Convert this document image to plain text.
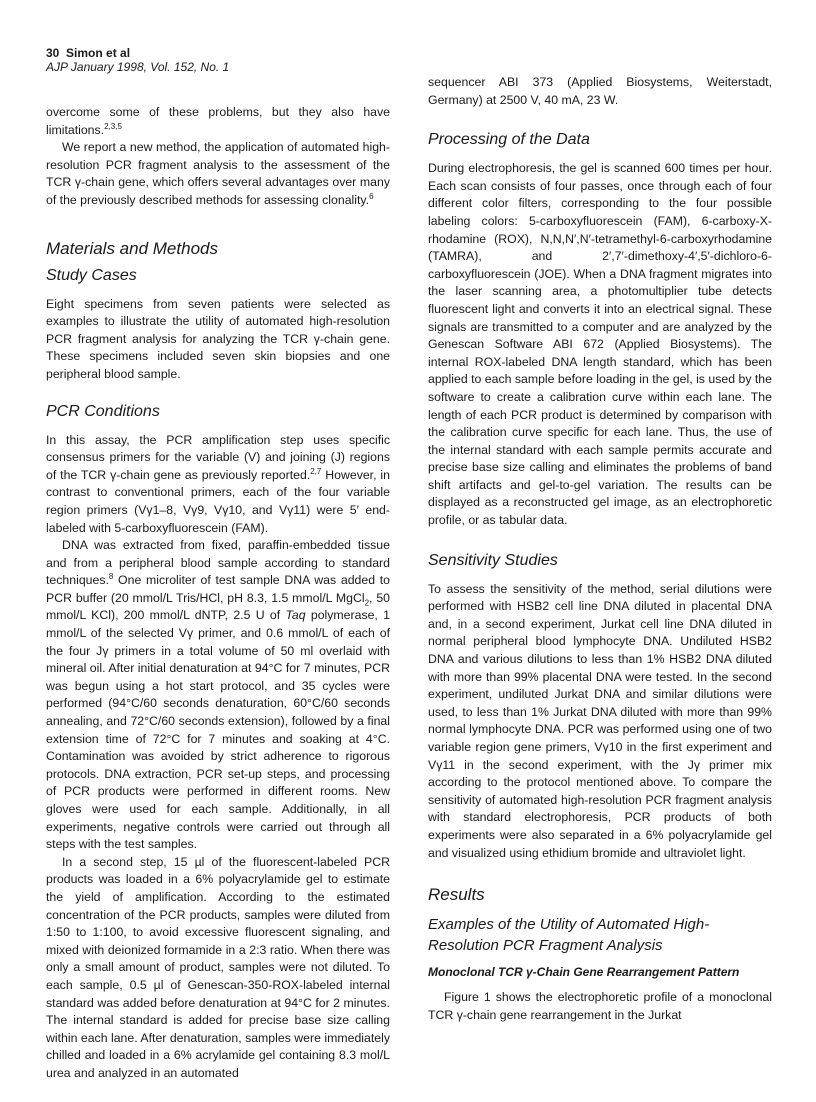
30 Simon et al
AJP January 1998, Vol. 152, No. 1

overcome some of these problems, but they also have limitations.$^{2,3,5}$

We report a new method, the application of automated high-resolution PCR fragment analysis to the assessment of the TCR γ-chain gene, which offers several advantages over many of the previously described methods for assessing clonality.$^6$

Materials and Methods
Study Cases

Eight specimens from seven patients were selected as examples to illustrate the utility of automated high-resolution PCR fragment analysis for analyzing the TCR γ-chain gene. These specimens included seven skin biopsies and one peripheral blood sample.

PCR Conditions

In this assay, the PCR amplification step uses specific consensus primers for the variable (V) and joining (J) regions of the TCR γ-chain gene as previously reported.$^{2,7}$ However, in contrast to conventional primers, each of the four variable region primers (Vγ1–8, Vγ9, Vγ10, and Vγ11) were 5′ end-labeled with 5-carboxyfluorescein (FAM).

DNA was extracted from fixed, paraffin-embedded tissue and from a peripheral blood sample according to standard techniques.$^8$ One microliter of test sample DNA was added to PCR buffer (20 mmol/L Tris/HCl, pH 8.3, 1.5 mmol/L MgCl$_2$, 50 mmol/L KCl), 200 mmol/L dNTP, 2.5 U of Taq polymerase, 1 mmol/L of the selected Vγ primer, and 0.6 mmol/L of each of the four Jγ primers in a total volume of 50 ml overlaid with mineral oil. After initial denaturation at 94°C for 7 minutes, PCR was begun using a hot start protocol, and 35 cycles were performed (94°C/60 seconds denaturation, 60°C/60 seconds annealing, and 72°C/60 seconds extension), followed by a final extension time of 72°C for 7 minutes and soaking at 4°C. Contamination was avoided by strict adherence to rigorous protocols. DNA extraction, PCR set-up steps, and processing of PCR products were performed in different rooms. New gloves were used for each sample. Additionally, in all experiments, negative controls were carried out through all steps with the test samples.

In a second step, 15 µl of the fluorescent-labeled PCR products was loaded in a 6% polyacrylamide gel to estimate the yield of amplification. According to the estimated concentration of the PCR products, samples were diluted from 1:50 to 1:100, to avoid excessive fluorescent signaling, and mixed with deionized formamide in a 2:3 ratio. When there was only a small amount of product, samples were not diluted. To each sample, 0.5 µl of Genescan-350-ROX-labeled internal standard was added before denaturation at 94°C for 2 minutes. The internal standard is added for precise base size calling within each lane. After denaturation, samples were immediately chilled and loaded in a 6% acrylamide gel containing 8.3 mol/L urea and analyzed in an automated

sequencer ABI 373 (Applied Biosystems, Weiterstadt, Germany) at 2500 V, 40 mA, 23 W.

Processing of the Data

During electrophoresis, the gel is scanned 600 times per hour. Each scan consists of four passes, once through each of four different color filters, corresponding to the four possible labeling colors: 5-carboxyfluorescein (FAM), 6-carboxy-X-rhodamine (ROX), N,N,N′,N′-tetramethyl-6-carboxyrhodamine (TAMRA), and 2′,7′-dimethoxy-4′,5′-dichloro-6-carboxyfluorescein (JOE). When a DNA fragment migrates into the laser scanning area, a photomultiplier tube detects fluorescent light and converts it into an electrical signal. These signals are transmitted to a computer and are analyzed by the Genescan Software ABI 672 (Applied Biosystems). The internal ROX-labeled DNA length standard, which has been applied to each sample before loading in the gel, is used by the software to create a calibration curve within each lane. The length of each PCR product is determined by comparison with the calibration curve specific for each lane. Thus, the use of the internal standard with each sample permits accurate and precise base size calling and eliminates the problems of band shift artifacts and gel-to-gel variation. The results can be displayed as a reconstructed gel image, as an electrophoretic profile, or as tabular data.

Sensitivity Studies

To assess the sensitivity of the method, serial dilutions were performed with HSB2 cell line DNA diluted in placental DNA and, in a second experiment, Jurkat cell line DNA diluted in normal peripheral blood lymphocyte DNA. Undiluted HSB2 DNA and various dilutions to less than 1% HSB2 DNA diluted with more than 99% placental DNA were tested. In the second experiment, undiluted Jurkat DNA and similar dilutions were used, to less than 1% Jurkat DNA diluted with more than 99% normal lymphocyte DNA. PCR was performed using one of two variable region gene primers, Vγ10 in the first experiment and Vγ11 in the second experiment, with the Jγ primer mix according to the protocol mentioned above. To compare the sensitivity of automated high-resolution PCR fragment analysis with standard electrophoresis, PCR products of both experiments were also separated in a 6% polyacrylamide gel and visualized using ethidium bromide and ultraviolet light.

Results
Examples of the Utility of Automated High-Resolution PCR Fragment Analysis
Monoclonal TCR γ-Chain Gene Rearrangement Pattern

Figure 1 shows the electrophoretic profile of a monoclonal TCR γ-chain gene rearrangement in the Jurkat
